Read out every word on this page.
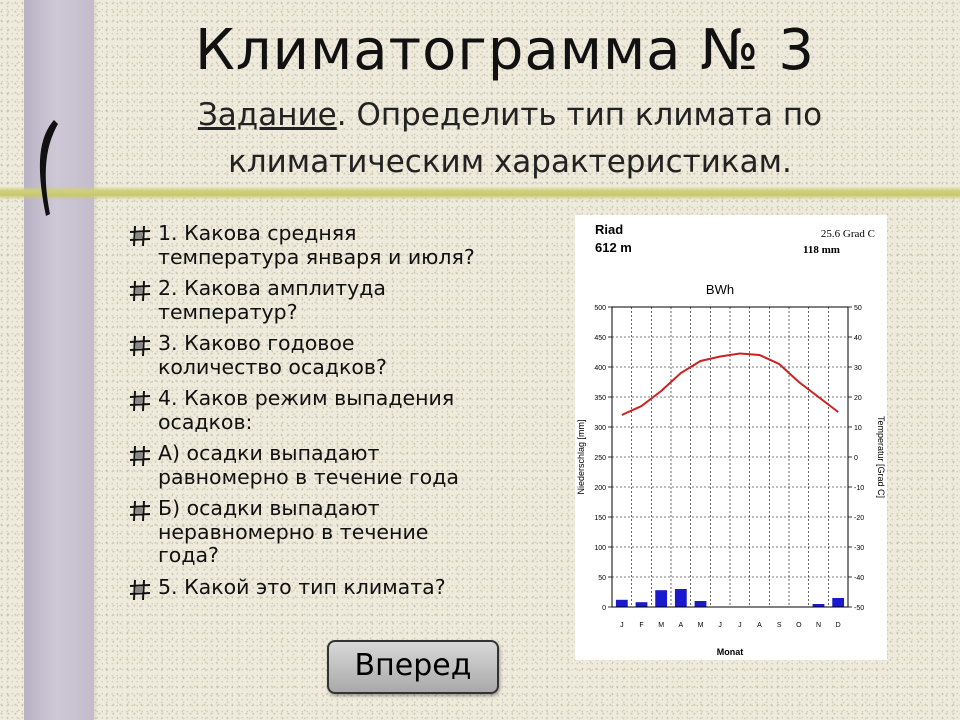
Климатограмма № 3
Задание. Определить тип климата по
климатическим характеристикам.
1. Какова средняя
температура января и июля?
2. Какова амплитуда
температур?
3. Каково годовое
количество осадков?
4. Каков режим выпадения
осадков:
А) осадки выпадают
равномерно в течение года
Б) осадки выпадают
неравномерно в течение
года?
5. Какой это тип климата?
Riad
612 m
25.6 Grad C
118 mm
BWh
Monat
Niederschlag [mm]	Temperatur [Grad C]
0
50
100
150
200
250
300
350
400
450
500
-50
-40
-30
-20
-10
0
10
20
30
40
50
J F M A M J J A S O N D
Вперед
